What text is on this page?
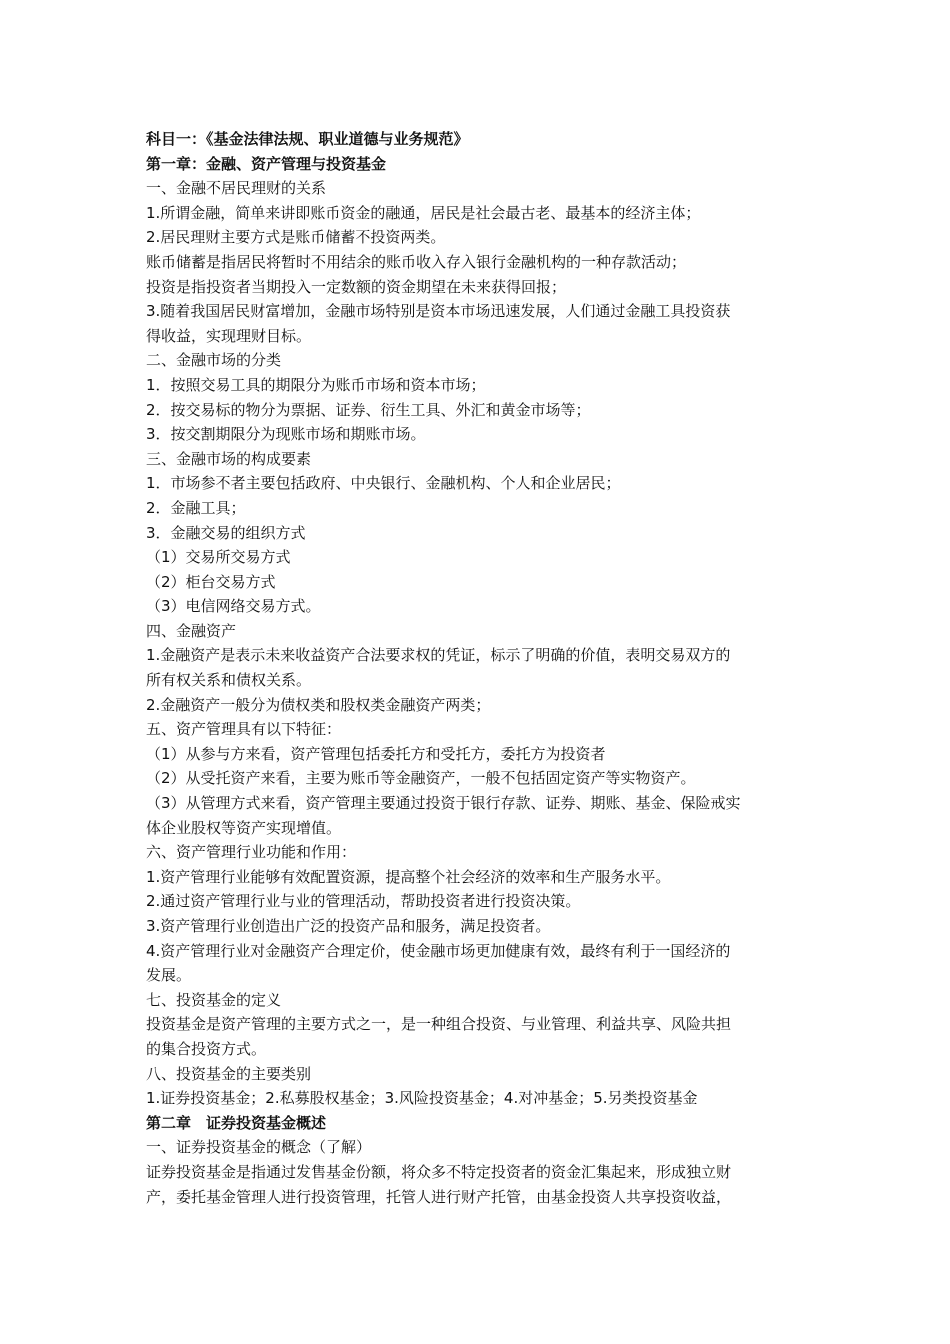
科目一：《基金法律法规、职业道德与业务规范》
第一章：金融、资产管理与投资基金
一、金融不居民理财的关系
1.所谓金融，简单来讲即账币资金的融通，居民是社会最古老、最基本的经济主体；
2.居民理财主要方式是账币储蓄不投资两类。
账币储蓄是指居民将暂时不用结余的账币收入存入银行金融机构的一种存款活动；
投资是指投资者当期投入一定数额的资金期望在未来获得回报；
3.随着我国居民财富增加，金融市场特别是资本市场迅速发展，人们通过金融工具投资获
得收益，实现理财目标。
二、金融市场的分类
1．按照交易工具的期限分为账币市场和资本市场；
2．按交易标的物分为票据、证券、衍生工具、外汇和黄金市场等；
3．按交割期限分为现账市场和期账市场。
三、金融市场的构成要素
1．市场参不者主要包括政府、中央银行、金融机构、个人和企业居民；
2．金融工具；
3．金融交易的组织方式
（1）交易所交易方式
（2）柜台交易方式
（3）电信网络交易方式。
四、金融资产
1.金融资产是表示未来收益资产合法要求权的凭证，标示了明确的价值，表明交易双方的
所有权关系和债权关系。
2.金融资产一般分为债权类和股权类金融资产两类；
五、资产管理具有以下特征：
（1）从参与方来看，资产管理包括委托方和受托方，委托方为投资者
（2）从受托资产来看，主要为账币等金融资产，一般不包括固定资产等实物资产。
（3）从管理方式来看，资产管理主要通过投资于银行存款、证券、期账、基金、保险戒实
体企业股权等资产实现增值。
六、资产管理行业功能和作用：
1.资产管理行业能够有效配置资源，提高整个社会经济的效率和生产服务水平。
2.通过资产管理行业与业的管理活动，帮助投资者进行投资决策。
3.资产管理行业创造出广泛的投资产品和服务，满足投资者。
4.资产管理行业对金融资产合理定价，使金融市场更加健康有效，最终有利于一国经济的
发展。
七、投资基金的定义
投资基金是资产管理的主要方式之一，是一种组合投资、与业管理、利益共享、风险共担
的集合投资方式。
八、投资基金的主要类别
1.证券投资基金；2.私募股权基金；3.风险投资基金；4.对冲基金；5.另类投资基金
第二章　证券投资基金概述
一、证券投资基金的概念（了解）
证券投资基金是指通过发售基金份额，将众多不特定投资者的资金汇集起来，形成独立财
产，委托基金管理人进行投资管理，托管人进行财产托管，由基金投资人共享投资收益，
